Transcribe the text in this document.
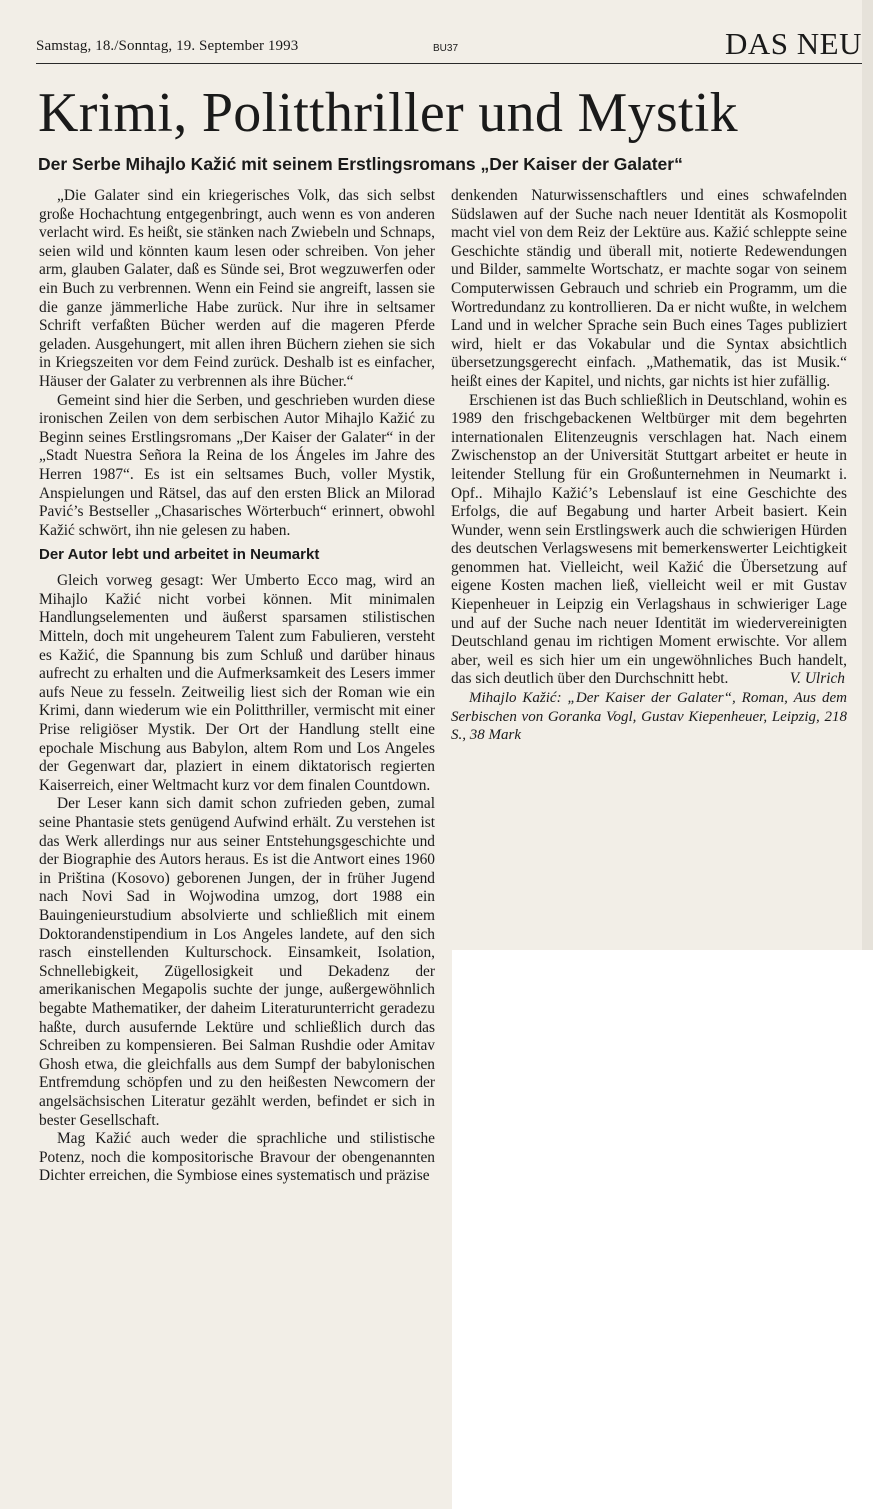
Samstag, 18./Sonntag, 19. September 1993	BU37	DAS NEU
Krimi, Politthriller und Mystik
Der Serbe Mihajlo Kažić mit seinem Erstlingsromans „Der Kaiser der Galater“

„Die Galater sind ein kriegerisches Volk, das sich selbst große Hochachtung entgegenbringt, auch wenn es von anderen verlacht wird. Es heißt, sie stänken nach Zwiebeln und Schnaps, seien wild und könnten kaum lesen oder schreiben. Von jeher arm, glauben Galater, daß es Sünde sei, Brot wegzuwerfen oder ein Buch zu verbrennen. Wenn ein Feind sie angreift, lassen sie die ganze jämmerliche Habe zurück. Nur ihre in seltsamer Schrift verfaßten Bücher werden auf die mageren Pferde geladen. Ausgehungert, mit allen ihren Büchern ziehen sie sich in Kriegszeiten vor dem Feind zurück. Deshalb ist es einfacher, Häuser der Galater zu verbrennen als ihre Bücher.“

Gemeint sind hier die Serben, und geschrieben wurden diese ironischen Zeilen von dem serbischen Autor Mihajlo Kažić zu Beginn seines Erstlingsromans „Der Kaiser der Galater“ in der „Stadt Nuestra Señora la Reina de los Ángeles im Jahre des Herren 1987“. Es ist ein seltsames Buch, voller Mystik, Anspielungen und Rätsel, das auf den ersten Blick an Milorad Pavić’s Bestseller „Chasarisches Wörterbuch“ erinnert, obwohl Kažić schwört, ihn nie gelesen zu haben.

Der Autor lebt und arbeitet in Neumarkt

Gleich vorweg gesagt: Wer Umberto Ecco mag, wird an Mihajlo Kažić nicht vorbei können. Mit minimalen Handlungselementen und äußerst sparsamen stilistischen Mitteln, doch mit ungeheurem Talent zum Fabulieren, versteht es Kažić, die Spannung bis zum Schluß und darüber hinaus aufrecht zu erhalten und die Aufmerksamkeit des Lesers immer aufs Neue zu fesseln. Zeitweilig liest sich der Roman wie ein Krimi, dann wiederum wie ein Politthriller, vermischt mit einer Prise religiöser Mystik. Der Ort der Handlung stellt eine epochale Mischung aus Babylon, altem Rom und Los Angeles der Gegenwart dar, plaziert in einem diktatorisch regierten Kaiserreich, einer Weltmacht kurz vor dem finalen Countdown.

Der Leser kann sich damit schon zufrieden geben, zumal seine Phantasie stets genügend Aufwind erhält. Zu verstehen ist das Werk allerdings nur aus seiner Entstehungsgeschichte und der Biographie des Autors heraus. Es ist die Antwort eines 1960 in Priština (Kosovo) geborenen Jungen, der in früher Jugend nach Novi Sad in Wojwodina umzog, dort 1988 ein Bauingenieurstudium absolvierte und schließlich mit einem Doktorandenstipendium in Los Angeles landete, auf den sich rasch einstellenden Kulturschock. Einsamkeit, Isolation, Schnellebigkeit, Zügellosigkeit und Dekadenz der amerikanischen Megapolis suchte der junge, außergewöhnlich begabte Mathematiker, der daheim Literaturunterricht geradezu haßte, durch ausufernde Lektüre und schließlich durch das Schreiben zu kompensieren. Bei Salman Rushdie oder Amitav Ghosh etwa, die gleichfalls aus dem Sumpf der babylonischen Entfremdung schöpfen und zu den heißesten Newcomern der angelsächsischen Literatur gezählt werden, befindet er sich in bester Gesellschaft.

Mag Kažić auch weder die sprachliche und stilistische Potenz, noch die kompositorische Bravour der obengenannten Dichter erreichen, die Symbiose eines systematisch und präzise

denkenden Naturwissenschaftlers und eines schwafelnden Südslawen auf der Suche nach neuer Identität als Kosmopolit macht viel von dem Reiz der Lektüre aus. Kažić schleppte seine Geschichte ständig und überall mit, notierte Redewendungen und Bilder, sammelte Wortschatz, er machte sogar von seinem Computerwissen Gebrauch und schrieb ein Programm, um die Wortredundanz zu kontrollieren. Da er nicht wußte, in welchem Land und in welcher Sprache sein Buch eines Tages publiziert wird, hielt er das Vokabular und die Syntax absichtlich übersetzungsgerecht einfach. „Mathematik, das ist Musik.“ heißt eines der Kapitel, und nichts, gar nichts ist hier zufällig.

Erschienen ist das Buch schließlich in Deutschland, wohin es 1989 den frischgebackenen Weltbürger mit dem begehrten internationalen Elitenzeugnis verschlagen hat. Nach einem Zwischenstop an der Universität Stuttgart arbeitet er heute in leitender Stellung für ein Großunternehmen in Neumarkt i. Opf.. Mihajlo Kažić’s Lebenslauf ist eine Geschichte des Erfolgs, die auf Begabung und harter Arbeit basiert. Kein Wunder, wenn sein Erstlingswerk auch die schwierigen Hürden des deutschen Verlagswesens mit bemerkenswerter Leichtigkeit genommen hat. Vielleicht, weil Kažić die Übersetzung auf eigene Kosten machen ließ, vielleicht weil er mit Gustav Kiepenheuer in Leipzig ein Verlagshaus in schwieriger Lage und auf der Suche nach neuer Identität im wiedervereinigten Deutschland genau im richtigen Moment erwischte. Vor allem aber, weil es sich hier um ein ungewöhnliches Buch handelt, das sich deutlich über den Durchschnitt hebt.	V. Ulrich

Mihajlo Kažić: „Der Kaiser der Galater“, Roman, Aus dem Serbischen von Goranka Vogl, Gustav Kiepenheuer, Leipzig, 218 S., 38 Mark
